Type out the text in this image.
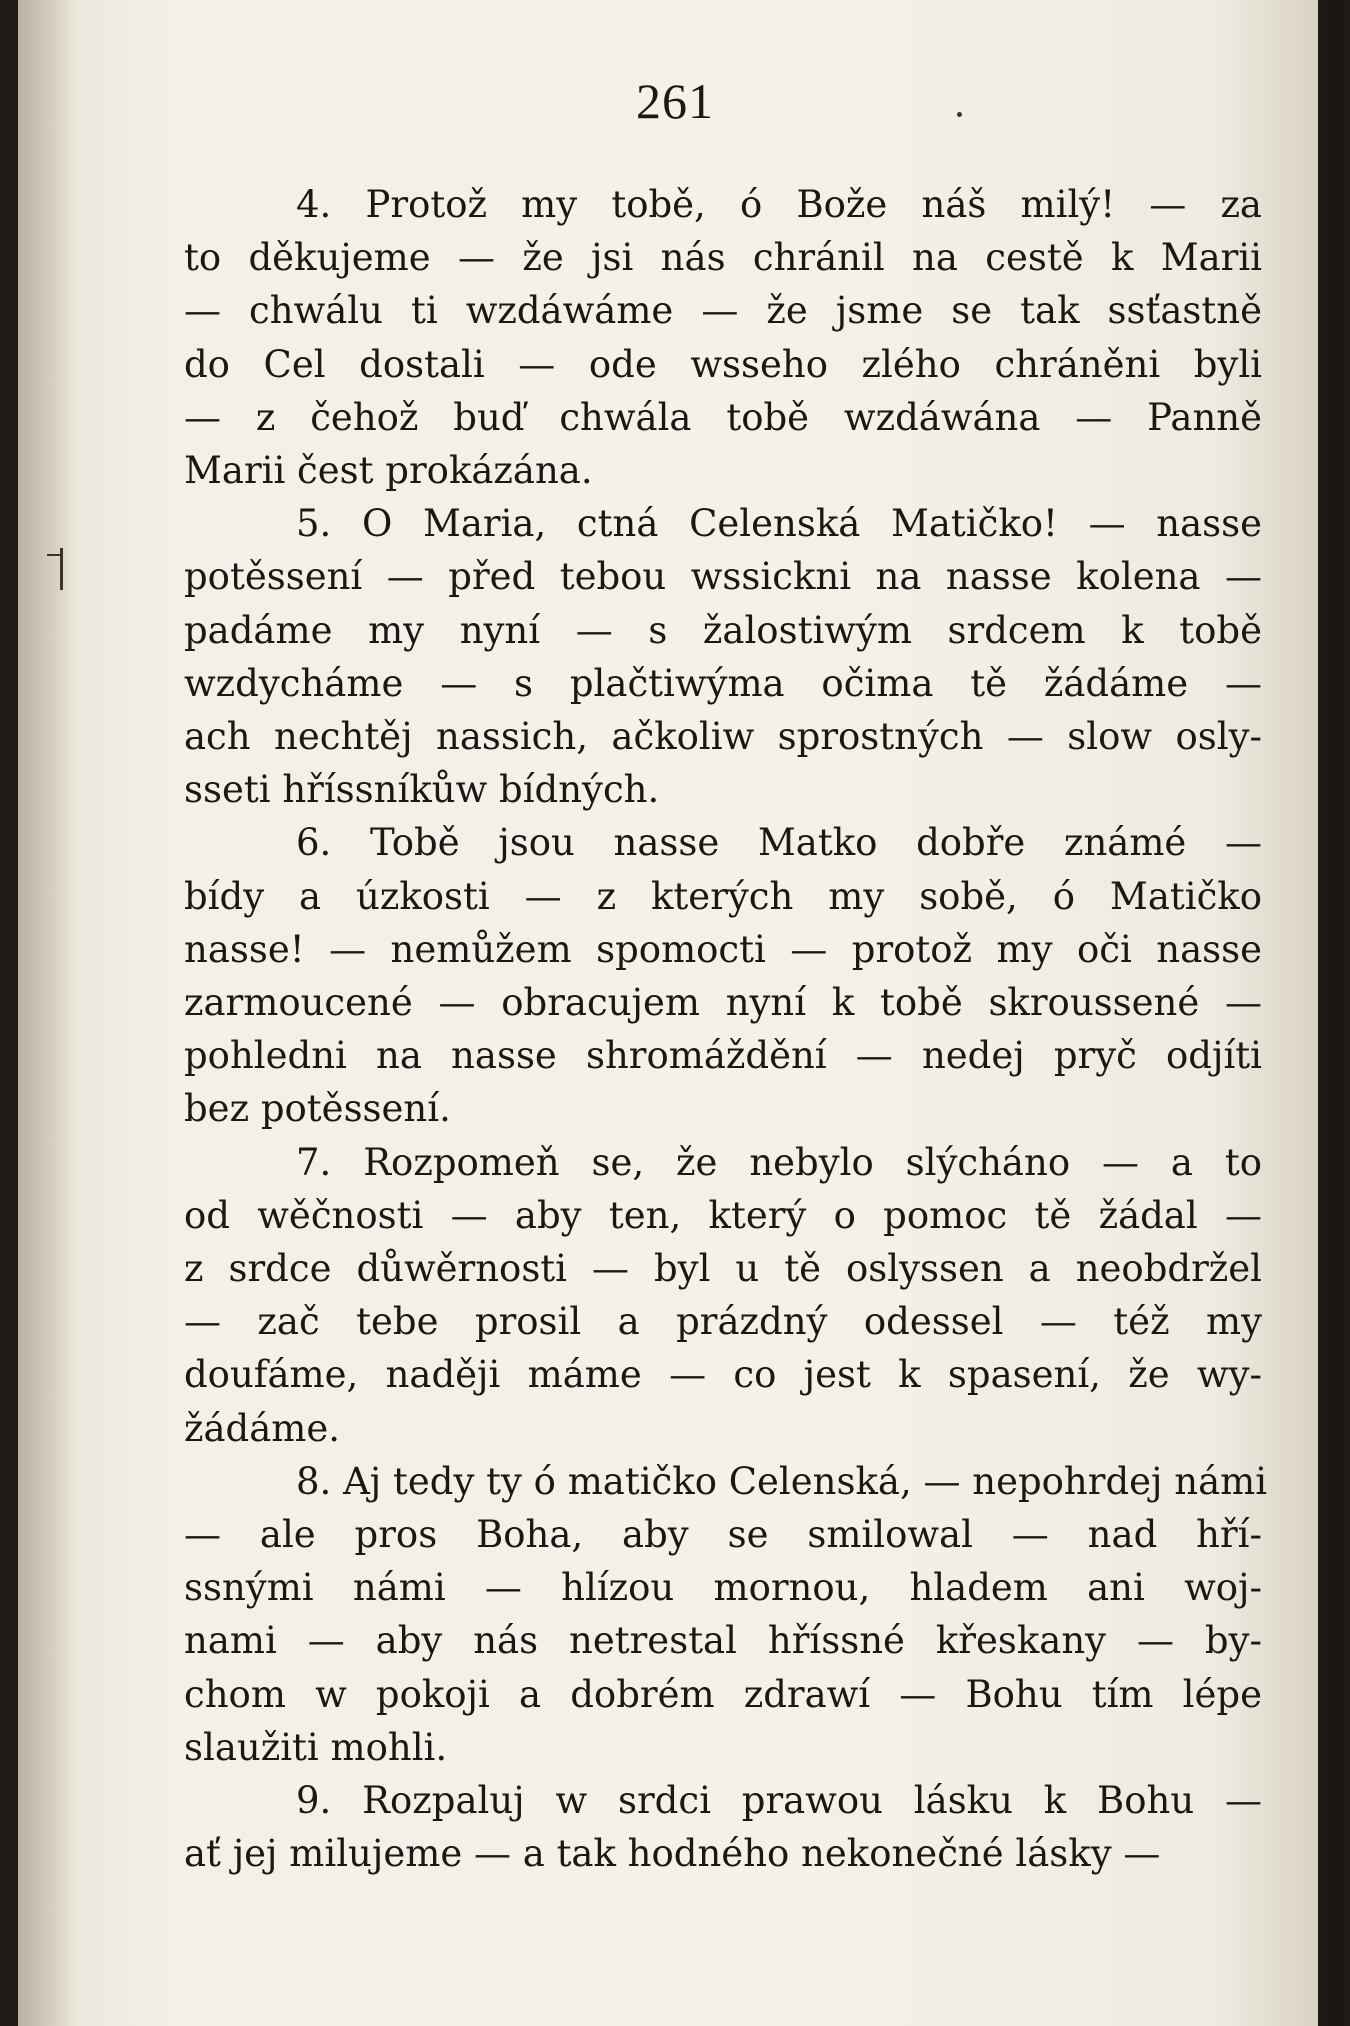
261
4. Protož my tobě, ó Bože náš milý! — za
to děkujeme — že jsi nás chránil na cestě k Marii
— chwálu ti wzdáwáme — že jsme se tak ssťastně
do Cel dostali — ode wsseho zlého chráněni byli
— z čehož buď chwála tobě wzdáwána — Panně
Marii čest prokázána.
5. O Maria, ctná Celenská Matičko! — nasse
potěssení — před tebou wssickni na nasse kolena —
padáme my nyní — s žalostiwým srdcem k tobě
wzdycháme — s plačtiwýma očima tě žádáme —
ach nechtěj nassich, ačkoliw sprostných — slow osly-
sseti hříssníkůw bídných.
6. Tobě jsou nasse Matko dobře známé —
bídy a úzkosti — z kterých my sobě, ó Matičko
nasse! — nemůžem spomocti — protož my oči nasse
zarmoucené — obracujem nyní k tobě skroussené —
pohledni na nasse shromáždění — nedej pryč odjíti
bez potěssení.
7. Rozpomeň se, že nebylo slýcháno — a to
od wěčnosti — aby ten, který o pomoc tě žádal —
z srdce důwěrnosti — byl u tě oslyssen a neobdržel
— zač tebe prosil a prázdný odessel — též my
doufáme, naději máme — co jest k spasení, že wy-
žádáme.
8. Aj tedy ty ó matičko Celenská, — nepohrdej námi
— ale pros Boha, aby se smilowal — nad hří-
ssnými námi — hlízou mornou, hladem ani woj-
nami — aby nás netrestal hříssné křeskany — by-
chom w pokoji a dobrém zdrawí — Bohu tím lépe
slaužiti mohli.
9. Rozpaluj w srdci prawou lásku k Bohu —
ať jej milujeme — a tak hodného nekonečné lásky —
